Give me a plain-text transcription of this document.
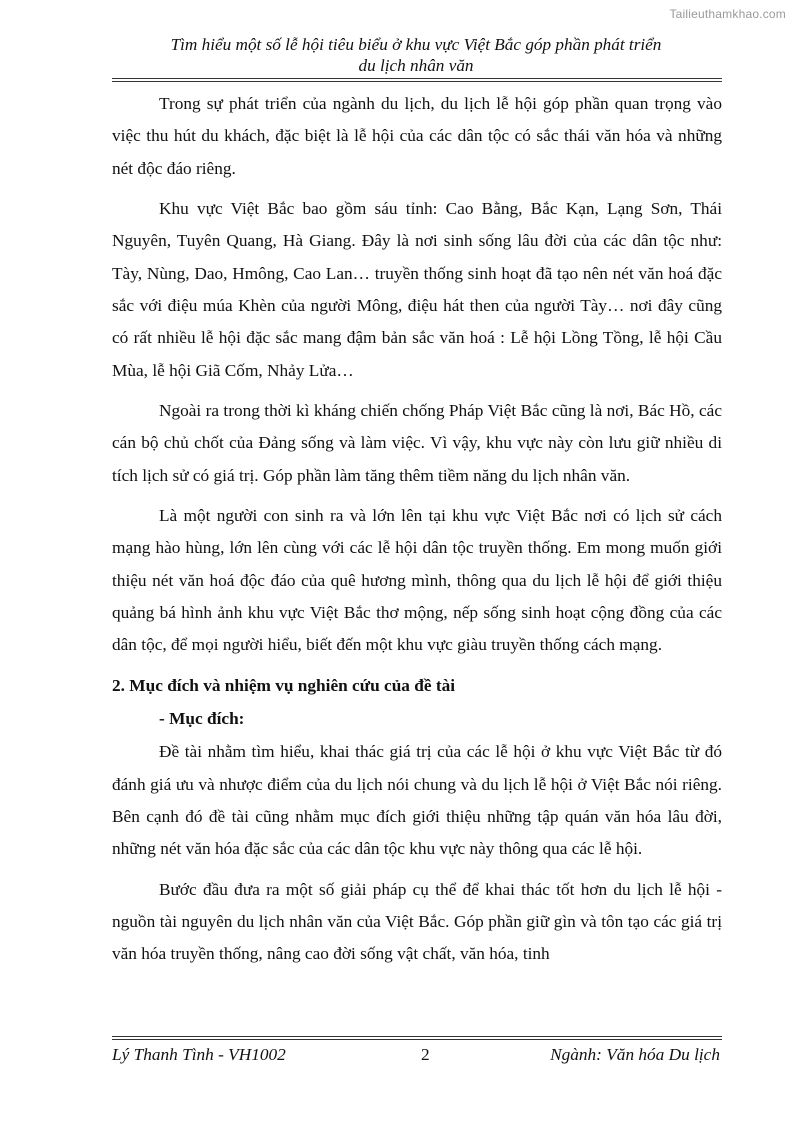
Tailieuthamkhao.com
Tìm hiểu một số lễ hội tiêu biểu ở khu vực Việt Bắc góp phần phát triển
du lịch nhân văn

Trong sự phát triển của ngành du lịch, du lịch lễ hội góp phần quan trọng vào việc thu hút du khách, đặc biệt là lễ hội của các dân tộc có sắc thái văn hóa và những nét độc đáo riêng.

Khu vực Việt Bắc bao gồm sáu tỉnh: Cao Bằng, Bắc Kạn, Lạng Sơn, Thái Nguyên, Tuyên Quang, Hà Giang. Đây là nơi sinh sống lâu đời của các dân tộc như: Tày, Nùng, Dao, Hmông, Cao Lan… truyền thống sinh hoạt đã tạo nên nét văn hoá đặc sắc với điệu múa Khèn của người Mông, điệu hát then của người Tày… nơi đây cũng có rất nhiều lễ hội đặc sắc mang đậm bản sắc văn hoá : Lễ hội Lồng Tồng, lễ hội Cầu Mùa, lễ hội Giã Cốm, Nhảy Lửa…

Ngoài ra trong thời kì kháng chiến chống Pháp Việt Bắc cũng là nơi, Bác Hồ, các cán bộ chủ chốt của Đảng sống và làm việc. Vì vậy, khu vực này còn lưu giữ nhiều di tích lịch sử có giá trị. Góp phần làm tăng thêm tiềm năng du lịch nhân văn.

Là một người con sinh ra và lớn lên tại khu vực Việt Bắc nơi có lịch sử cách mạng hào hùng, lớn lên cùng với các lễ hội dân tộc truyền thống. Em mong muốn giới thiệu nét văn hoá độc đáo của quê hương mình, thông qua du lịch lễ hội để giới thiệu quảng bá hình ảnh khu vực Việt Bắc thơ mộng, nếp sống sinh hoạt cộng đồng của các dân tộc, để mọi người hiểu, biết đến một khu vực giàu truyền thống cách mạng.

2. Mục đích và nhiệm vụ nghiên cứu của đề tài
- Mục đích:

Đề tài nhằm tìm hiểu, khai thác giá trị của các lễ hội ở khu vực Việt Bắc từ đó đánh giá ưu và nhược điểm của du lịch nói chung và du lịch lễ hội ở Việt Bắc nói riêng. Bên cạnh đó đề tài cũng nhằm mục đích giới thiệu những tập quán văn hóa lâu đời, những nét văn hóa đặc sắc của các dân tộc khu vực này thông qua các lễ hội.

Bước đầu đưa ra một số giải pháp cụ thể để khai thác tốt hơn du lịch lễ hội - nguồn tài nguyên du lịch nhân văn của Việt Bắc. Góp phần giữ gìn và tôn tạo các giá trị văn hóa truyền thống, nâng cao đời sống vật chất, văn hóa, tinh

Lý Thanh Tình - VH1002	2	Ngành: Văn hóa Du lịch
